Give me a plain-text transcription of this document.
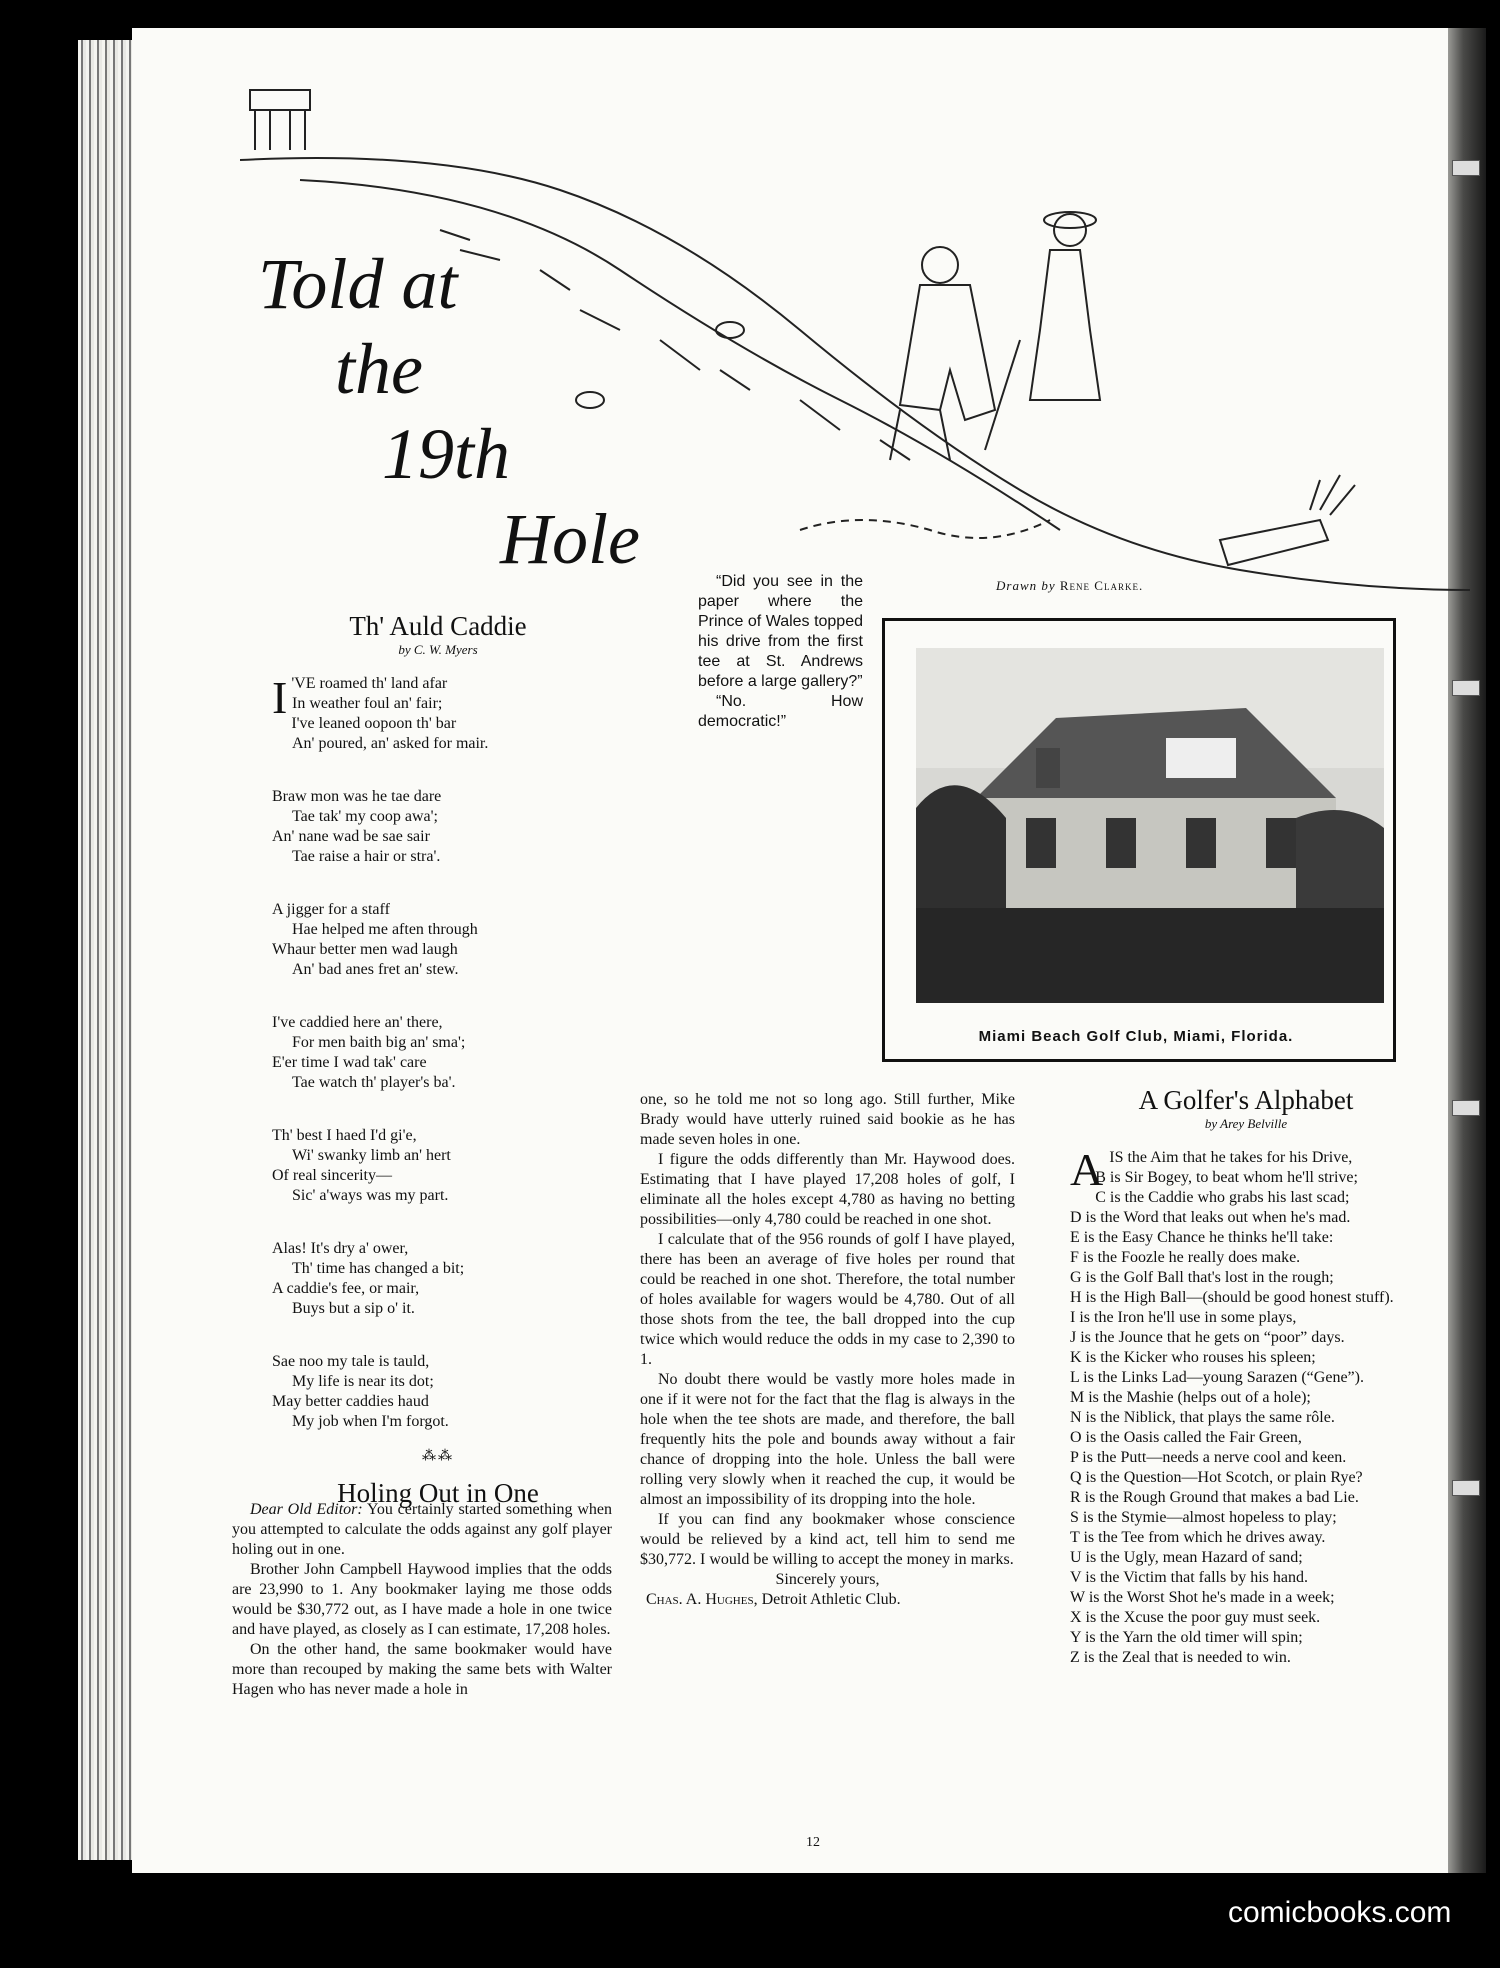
Told at
the
19th
Hole
Drawn by Rene Clarke.
Th' Auld Caddie
by C. W. Myers
I 'VE roamed th' land afar
In weather foul an' fair;
I've leaned oopoon th' bar
An' poured, an' asked for mair.
Braw mon was he tae dare
Tae tak' my coop awa';
An' nane wad be sae sair
Tae raise a hair or stra'.
A jigger for a staff
Hae helped me aften through
Whaur better men wad laugh
An' bad anes fret an' stew.
I've caddied here an' there,
For men baith big an' sma';
E'er time I wad tak' care
Tae watch th' player's ba'.
Th' best I haed I'd gi'e,
Wi' swanky limb an' hert
Of real sincerity—
Sic' a'ways was my part.
Alas! It's dry a' ower,
Th' time has changed a bit;
A caddie's fee, or mair,
Buys but a sip o' it.
Sae noo my tale is tauld,
My life is near its dot;
May better caddies haud
My job when I'm forgot.
⁂⁂
Holing Out in One

Dear Old Editor: You certainly started something when you attempted to calculate the odds against any golf player holing out in one.

Brother John Campbell Haywood implies that the odds are 23,990 to 1. Any bookmaker laying me those odds would be $30,772 out, as I have made a hole in one twice and have played, as closely as I can estimate, 17,208 holes.

On the other hand, the same bookmaker would have more than recouped by making the same bets with Walter Hagen who has never made a hole in

one, so he told me not so long ago. Still further, Mike Brady would have utterly ruined said bookie as he has made seven holes in one.

I figure the odds differently than Mr. Haywood does. Estimating that I have played 17,208 holes of golf, I eliminate all the holes except 4,780 as having no betting possibilities—only 4,780 could be reached in one shot.

I calculate that of the 956 rounds of golf I have played, there has been an average of five holes per round that could be reached in one shot. Therefore, the total number of holes available for wagers would be 4,780. Out of all those shots from the tee, the ball dropped into the cup twice which would reduce the odds in my case to 2,390 to 1.

No doubt there would be vastly more holes made in one if it were not for the fact that the flag is always in the hole when the tee shots are made, and therefore, the ball frequently hits the pole and bounds away without a fair chance of dropping into the hole. Unless the ball were rolling very slowly when it reached the cup, it would be almost an impossibility of its dropping into the hole.

If you can find any bookmaker whose conscience would be relieved by a kind act, tell him to send me $30,772. I would be willing to accept the money in marks.

Sincerely yours,

Chas. A. Hughes, Detroit Athletic Club.

“Did you see in the paper where the Prince of Wales topped his drive from the first tee at St. Andrews before a large gallery?”

“No. How democratic!”

Miami Beach Golf Club, Miami, Florida.
A Golfer's Alphabet
by Arey Belville
AIS the Aim that he takes for his Drive,
B is Sir Bogey, to beat whom he'll strive;
C is the Caddie who grabs his last scad;
D is the Word that leaks out when he's mad.
E is the Easy Chance he thinks he'll take:
F is the Foozle he really does make.
G is the Golf Ball that's lost in the rough;
H is the High Ball—(should be good honest stuff).
I is the Iron he'll use in some plays,
J is the Jounce that he gets on “poor” days.
K is the Kicker who rouses his spleen;
L is the Links Lad—young Sarazen (“Gene”).
M is the Mashie (helps out of a hole);
N is the Niblick, that plays the same rôle.
O is the Oasis called the Fair Green,
P is the Putt—needs a nerve cool and keen.
Q is the Question—Hot Scotch, or plain Rye?
R is the Rough Ground that makes a bad Lie.
S is the Stymie—almost hopeless to play;
T is the Tee from which he drives away.
U is the Ugly, mean Hazard of sand;
V is the Victim that falls by his hand.
W is the Worst Shot he's made in a week;
X is the Xcuse the poor guy must seek.
Y is the Yarn the old timer will spin;
Z is the Zeal that is needed to win.
12
comicbooks.com
